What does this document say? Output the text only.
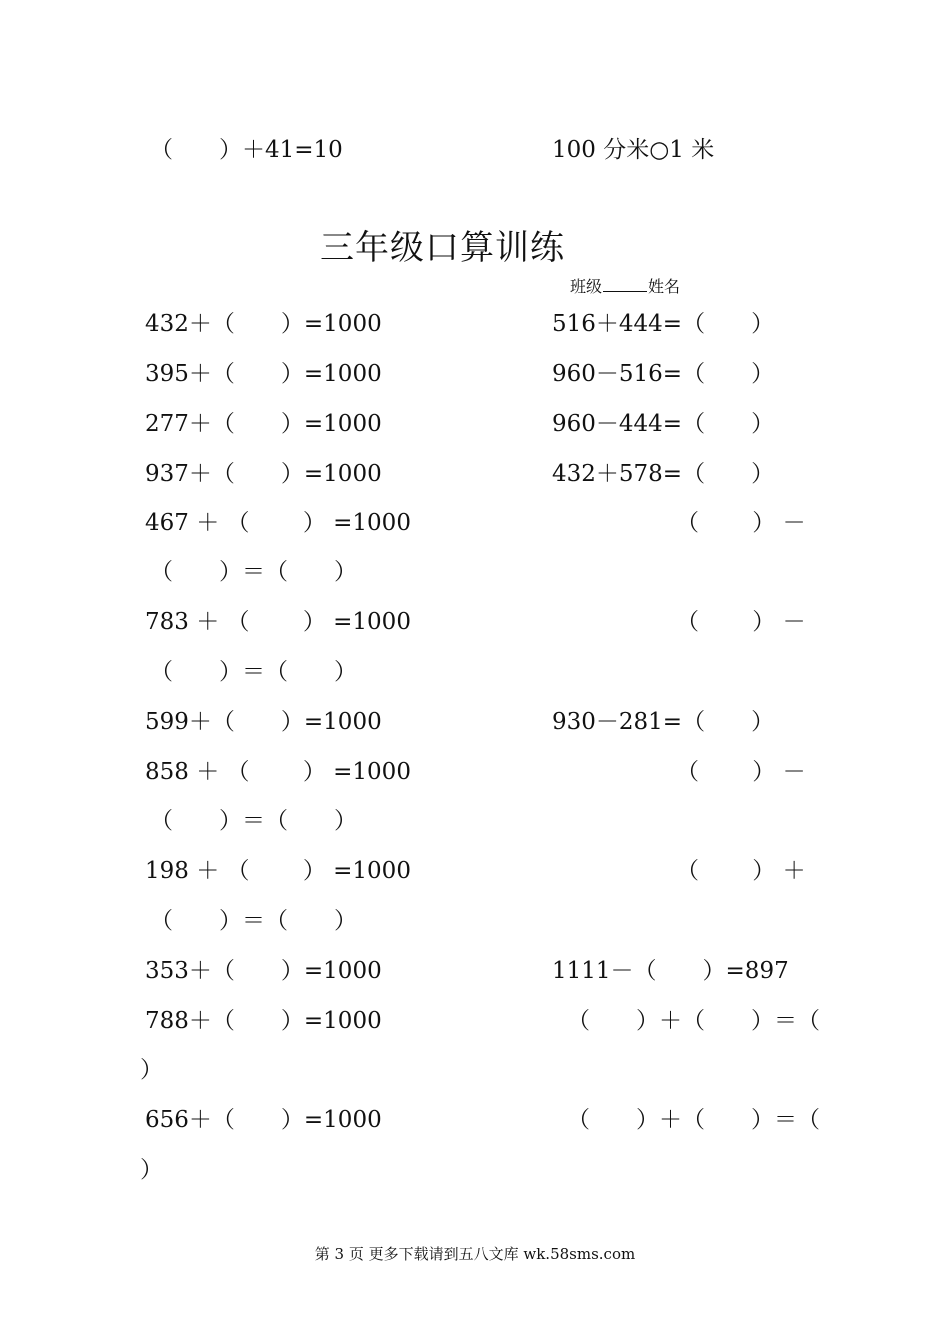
（　　）＋41=10	100 分米○1 米
三年级口算训练
班级	姓名
432＋（　　）=1000
395＋（　　）=1000
277＋（　　）=1000
937＋（　　）=1000
467 ＋ （　　 ） =1000
（　　）＝（　　）
783 ＋ （　　 ） =1000
（　　）＝（　　）
599＋（　　）=1000
858 ＋ （　　 ） =1000
（　　）＝（　　）
198 ＋ （　　 ） =1000
（　　）＝（　　）
353＋（　　）=1000
788＋（　　）=1000
）
656＋（　　）=1000
）
516＋444=（　　）
960－516=（　　）
960－444=（　　）
432＋578=（　　）
（　　 ） －
（　　 ） －
930－281=（　　）
（　　 ） －
（　　 ） ＋
1111－（　　）=897
（　　）＋（　　）＝（
（　　）＋（　　）＝（
第 3 页 更多下载请到五八文库 wk.58sms.com
